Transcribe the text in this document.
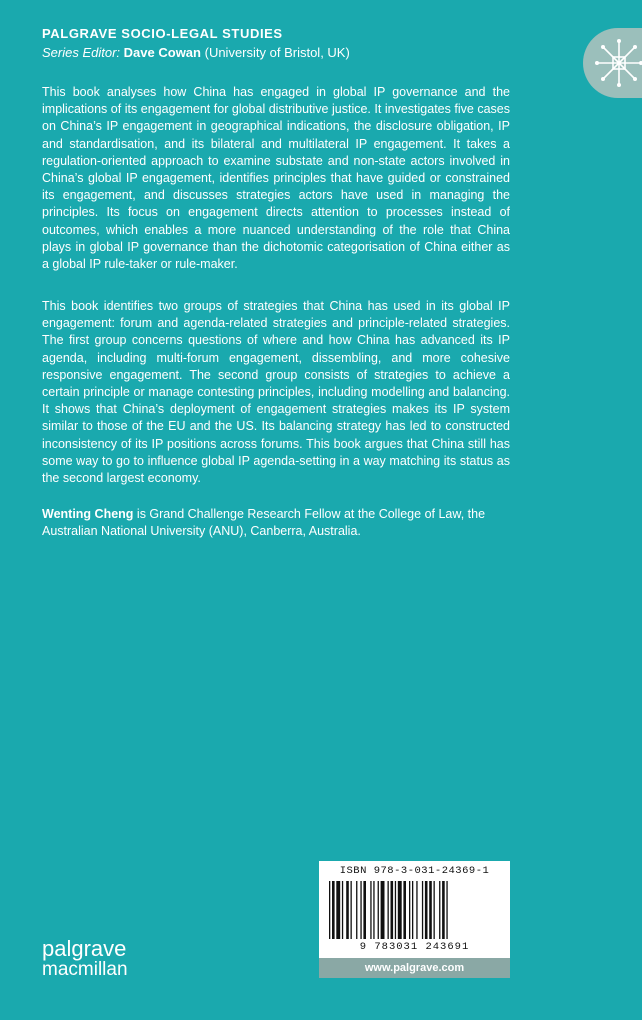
PALGRAVE SOCIO-LEGAL STUDIES
Series Editor: Dave Cowan (University of Bristol, UK)

This book analyses how China has engaged in global IP governance and the implications of its engagement for global distributive justice. It investigates five cases on China’s IP engagement in geographical indications, the disclosure obligation, IP and standardisation, and its bilateral and multilateral IP engagement. It takes a regulation-oriented approach to examine substate and non-state actors involved in China’s global IP engagement, identifies principles that have guided or constrained its engagement, and discusses strategies actors have used in managing the principles. Its focus on engagement directs attention to processes instead of outcomes, which enables a more nuanced understanding of the role that China plays in global IP governance than the dichotomic categorisation of China either as a global IP rule-taker or rule-maker.

This book identifies two groups of strategies that China has used in its global IP engagement: forum and agenda-related strategies and principle-related strategies. The first group concerns questions of where and how China has advanced its IP agenda, including multi-forum engagement, dissembling, and more cohesive responsive engagement. The second group consists of strategies to achieve a certain principle or manage contesting principles, including modelling and balancing. It shows that China’s deployment of engagement strategies makes its IP system similar to those of the EU and the US. Its balancing strategy has led to constructed inconsistency of its IP positions across forums. This book argues that China still has some way to go to influence global IP agenda-setting in a way matching its status as the second largest economy.

Wenting Cheng is Grand Challenge Research Fellow at the College of Law, the Australian National University (ANU), Canberra, Australia.

ISBN 978-3-031-24369-1
9 783031 243691
www.palgrave.com
palgrave
macmillan
